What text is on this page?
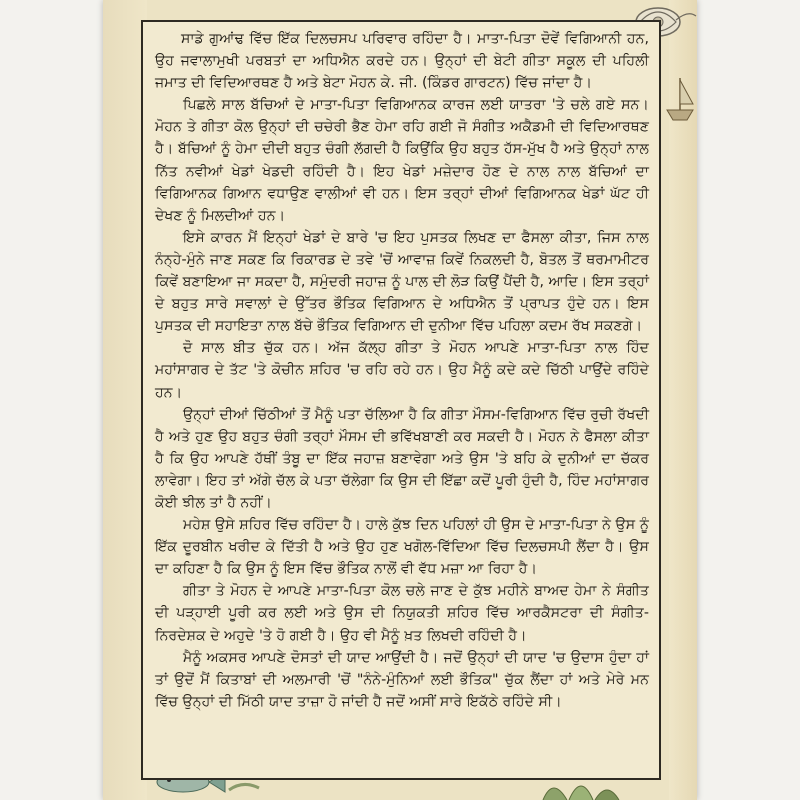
ਸਾਡੇ ਗੁਆਂਢ ਵਿੱਚ ਇੱਕ ਦਿਲਚਸਪ ਪਰਿਵਾਰ ਰਹਿੰਦਾ ਹੈ। ਮਾਤਾ-ਪਿਤਾ ਦੋਵੇਂ ਵਿਗਿਆਨੀ ਹਨ, ਉਹ ਜਵਾਲਾਮੁਖੀ ਪਰਬਤਾਂ ਦਾ ਅਧਿਐਨ ਕਰਦੇ ਹਨ। ਉਨ੍ਹਾਂ ਦੀ ਬੇਟੀ ਗੀਤਾ ਸਕੂਲ ਦੀ ਪਹਿਲੀ ਜਮਾਤ ਦੀ ਵਿਦਿਆਰਥਣ ਹੈ ਅਤੇ ਬੇਟਾ ਮੋਹਨ ਕੇ. ਜੀ. (ਕਿੰਡਰ ਗਾਰਟਨ) ਵਿੱਚ ਜਾਂਦਾ ਹੈ।

ਪਿਛਲੇ ਸਾਲ ਬੱਚਿਆਂ ਦੇ ਮਾਤਾ-ਪਿਤਾ ਵਿਗਿਆਨਕ ਕਾਰਜ ਲਈ ਯਾਤਰਾ 'ਤੇ ਚਲੇ ਗਏ ਸਨ। ਮੋਹਨ ਤੇ ਗੀਤਾ ਕੋਲ ਉਨ੍ਹਾਂ ਦੀ ਚਚੇਰੀ ਭੈਣ ਹੇਮਾ ਰਹਿ ਗਈ ਜੋ ਸੰਗੀਤ ਅਕੈਡਮੀ ਦੀ ਵਿਦਿਆਰਥਣ ਹੈ। ਬੱਚਿਆਂ ਨੂੰ ਹੇਮਾ ਦੀਦੀ ਬਹੁਤ ਚੰਗੀ ਲੱਗਦੀ ਹੈ ਕਿਉਂਕਿ ਉਹ ਬਹੁਤ ਹੱਸ-ਮੁੱਖ ਹੈ ਅਤੇ ਉਨ੍ਹਾਂ ਨਾਲ ਨਿੱਤ ਨਵੀਆਂ ਖੇਡਾਂ ਖੇਡਦੀ ਰਹਿੰਦੀ ਹੈ। ਇਹ ਖੇਡਾਂ ਮਜ਼ੇਦਾਰ ਹੋਣ ਦੇ ਨਾਲ ਨਾਲ ਬੱਚਿਆਂ ਦਾ ਵਿਗਿਆਨਕ ਗਿਆਨ ਵਧਾਉਣ ਵਾਲੀਆਂ ਵੀ ਹਨ। ਇਸ ਤਰ੍ਹਾਂ ਦੀਆਂ ਵਿਗਿਆਨਕ ਖੇਡਾਂ ਘੱਟ ਹੀ ਦੇਖਣ ਨੂੰ ਮਿਲਦੀਆਂ ਹਨ।

ਇਸੇ ਕਾਰਨ ਮੈਂ ਇਨ੍ਹਾਂ ਖੇਡਾਂ ਦੇ ਬਾਰੇ 'ਚ ਇਹ ਪੁਸਤਕ ਲਿਖਣ ਦਾ ਫੈਸਲਾ ਕੀਤਾ, ਜਿਸ ਨਾਲ ਨੰਨ੍ਹੇ-ਮੁੰਨੇ ਜਾਣ ਸਕਣ ਕਿ ਰਿਕਾਰਡ ਦੇ ਤਵੇ 'ਚੋਂ ਆਵਾਜ਼ ਕਿਵੇਂ ਨਿਕਲਦੀ ਹੈ, ਬੋਤਲ ਤੋਂ ਥਰਮਾਮੀਟਰ ਕਿਵੇਂ ਬਣਾਇਆ ਜਾ ਸਕਦਾ ਹੈ, ਸਮੁੰਦਰੀ ਜਹਾਜ਼ ਨੂੰ ਪਾਲ ਦੀ ਲੋੜ ਕਿਉਂ ਪੈਂਦੀ ਹੈ, ਆਦਿ। ਇਸ ਤਰ੍ਹਾਂ ਦੇ ਬਹੁਤ ਸਾਰੇ ਸਵਾਲਾਂ ਦੇ ਉੱਤਰ ਭੌਤਿਕ ਵਿਗਿਆਨ ਦੇ ਅਧਿਐਨ ਤੋਂ ਪ੍ਰਾਪਤ ਹੁੰਦੇ ਹਨ। ਇਸ ਪੁਸਤਕ ਦੀ ਸਹਾਇਤਾ ਨਾਲ ਬੱਚੇ ਭੌਤਿਕ ਵਿਗਿਆਨ ਦੀ ਦੁਨੀਆ ਵਿੱਚ ਪਹਿਲਾ ਕਦਮ ਰੱਖ ਸਕਣਗੇ।

ਦੋ ਸਾਲ ਬੀਤ ਚੁੱਕ ਹਨ। ਅੱਜ ਕੱਲ੍ਹ ਗੀਤਾ ਤੇ ਮੋਹਨ ਆਪਣੇ ਮਾਤਾ-ਪਿਤਾ ਨਾਲ ਹਿੰਦ ਮਹਾਂਸਾਗਰ ਦੇ ਤੱਟ 'ਤੇ ਕੋਚੀਨ ਸ਼ਹਿਰ 'ਚ ਰਹਿ ਰਹੇ ਹਨ। ਉਹ ਮੈਨੂੰ ਕਦੇ ਕਦੇ ਚਿੱਠੀ ਪਾਉਂਦੇ ਰਹਿੰਦੇ ਹਨ।

ਉਨ੍ਹਾਂ ਦੀਆਂ ਚਿੱਠੀਆਂ ਤੋਂ ਮੈਨੂੰ ਪਤਾ ਚੱਲਿਆ ਹੈ ਕਿ ਗੀਤਾ ਮੌਸਮ-ਵਿਗਿਆਨ ਵਿੱਚ ਰੁਚੀ ਰੱਖਦੀ ਹੈ ਅਤੇ ਹੁਣ ਉਹ ਬਹੁਤ ਚੰਗੀ ਤਰ੍ਹਾਂ ਮੌਸਮ ਦੀ ਭਵਿੱਖਬਾਣੀ ਕਰ ਸਕਦੀ ਹੈ। ਮੋਹਨ ਨੇ ਫੈਸਲਾ ਕੀਤਾ ਹੈ ਕਿ ਉਹ ਆਪਣੇ ਹੱਥੀਂ ਤੰਬੂ ਦਾ ਇੱਕ ਜਹਾਜ਼ ਬਣਾਵੇਗਾ ਅਤੇ ਉਸ 'ਤੇ ਬਹਿ ਕੇ ਦੁਨੀਆਂ ਦਾ ਚੱਕਰ ਲਾਵੇਗਾ। ਇਹ ਤਾਂ ਅੱਗੇ ਚੱਲ ਕੇ ਪਤਾ ਚੱਲੇਗਾ ਕਿ ਉਸ ਦੀ ਇੱਛਾ ਕਦੋਂ ਪੂਰੀ ਹੁੰਦੀ ਹੈ, ਹਿੰਦ ਮਹਾਂਸਾਗਰ ਕੋਈ ਝੀਲ ਤਾਂ ਹੈ ਨਹੀਂ।

ਮਹੇਸ਼ ਉਸੇ ਸ਼ਹਿਰ ਵਿੱਚ ਰਹਿੰਦਾ ਹੈ। ਹਾਲੇ ਕੁੱਝ ਦਿਨ ਪਹਿਲਾਂ ਹੀ ਉਸ ਦੇ ਮਾਤਾ-ਪਿਤਾ ਨੇ ਉਸ ਨੂੰ ਇੱਕ ਦੂਰਬੀਨ ਖਰੀਦ ਕੇ ਦਿੱਤੀ ਹੈ ਅਤੇ ਉਹ ਹੁਣ ਖਗੋਲ-ਵਿੱਦਿਆ ਵਿੱਚ ਦਿਲਚਸਪੀ ਲੈਂਦਾ ਹੈ। ਉਸ ਦਾ ਕਹਿਣਾ ਹੈ ਕਿ ਉਸ ਨੂੰ ਇਸ ਵਿੱਚ ਭੌਤਿਕ ਨਾਲੋਂ ਵੀ ਵੱਧ ਮਜ਼ਾ ਆ ਰਿਹਾ ਹੈ।

ਗੀਤਾ ਤੇ ਮੋਹਨ ਦੇ ਆਪਣੇ ਮਾਤਾ-ਪਿਤਾ ਕੋਲ ਚਲੇ ਜਾਣ ਦੇ ਕੁੱਝ ਮਹੀਨੇ ਬਾਅਦ ਹੇਮਾ ਨੇ ਸੰਗੀਤ ਦੀ ਪੜ੍ਹਾਈ ਪੂਰੀ ਕਰ ਲਈ ਅਤੇ ਉਸ ਦੀ ਨਿਯੁਕਤੀ ਸ਼ਹਿਰ ਵਿੱਚ ਆਰਕੈਸਟਰਾ ਦੀ ਸੰਗੀਤ-ਨਿਰਦੇਸ਼ਕ ਦੇ ਅਹੁਦੇ 'ਤੇ ਹੋ ਗਈ ਹੈ। ਉਹ ਵੀ ਮੈਨੂੰ ਖ਼ਤ ਲਿਖਦੀ ਰਹਿੰਦੀ ਹੈ।

ਮੈਨੂੰ ਅਕਸਰ ਆਪਣੇ ਦੋਸਤਾਂ ਦੀ ਯਾਦ ਆਉਂਦੀ ਹੈ। ਜਦੋਂ ਉਨ੍ਹਾਂ ਦੀ ਯਾਦ 'ਚ ਉਦਾਸ ਹੁੰਦਾ ਹਾਂ ਤਾਂ ਉਦੋਂ ਮੈਂ ਕਿਤਾਬਾਂ ਦੀ ਅਲਮਾਰੀ 'ਚੋਂ "ਨੰਨੇ-ਮੁੰਨਿਆਂ ਲਈ ਭੌਤਿਕ" ਚੁੱਕ ਲੈਂਦਾ ਹਾਂ ਅਤੇ ਮੇਰੇ ਮਨ ਵਿੱਚ ਉਨ੍ਹਾਂ ਦੀ ਮਿੱਠੀ ਯਾਦ ਤਾਜ਼ਾ ਹੋ ਜਾਂਦੀ ਹੈ ਜਦੋਂ ਅਸੀਂ ਸਾਰੇ ਇਕੱਠੇ ਰਹਿੰਦੇ ਸੀ।
